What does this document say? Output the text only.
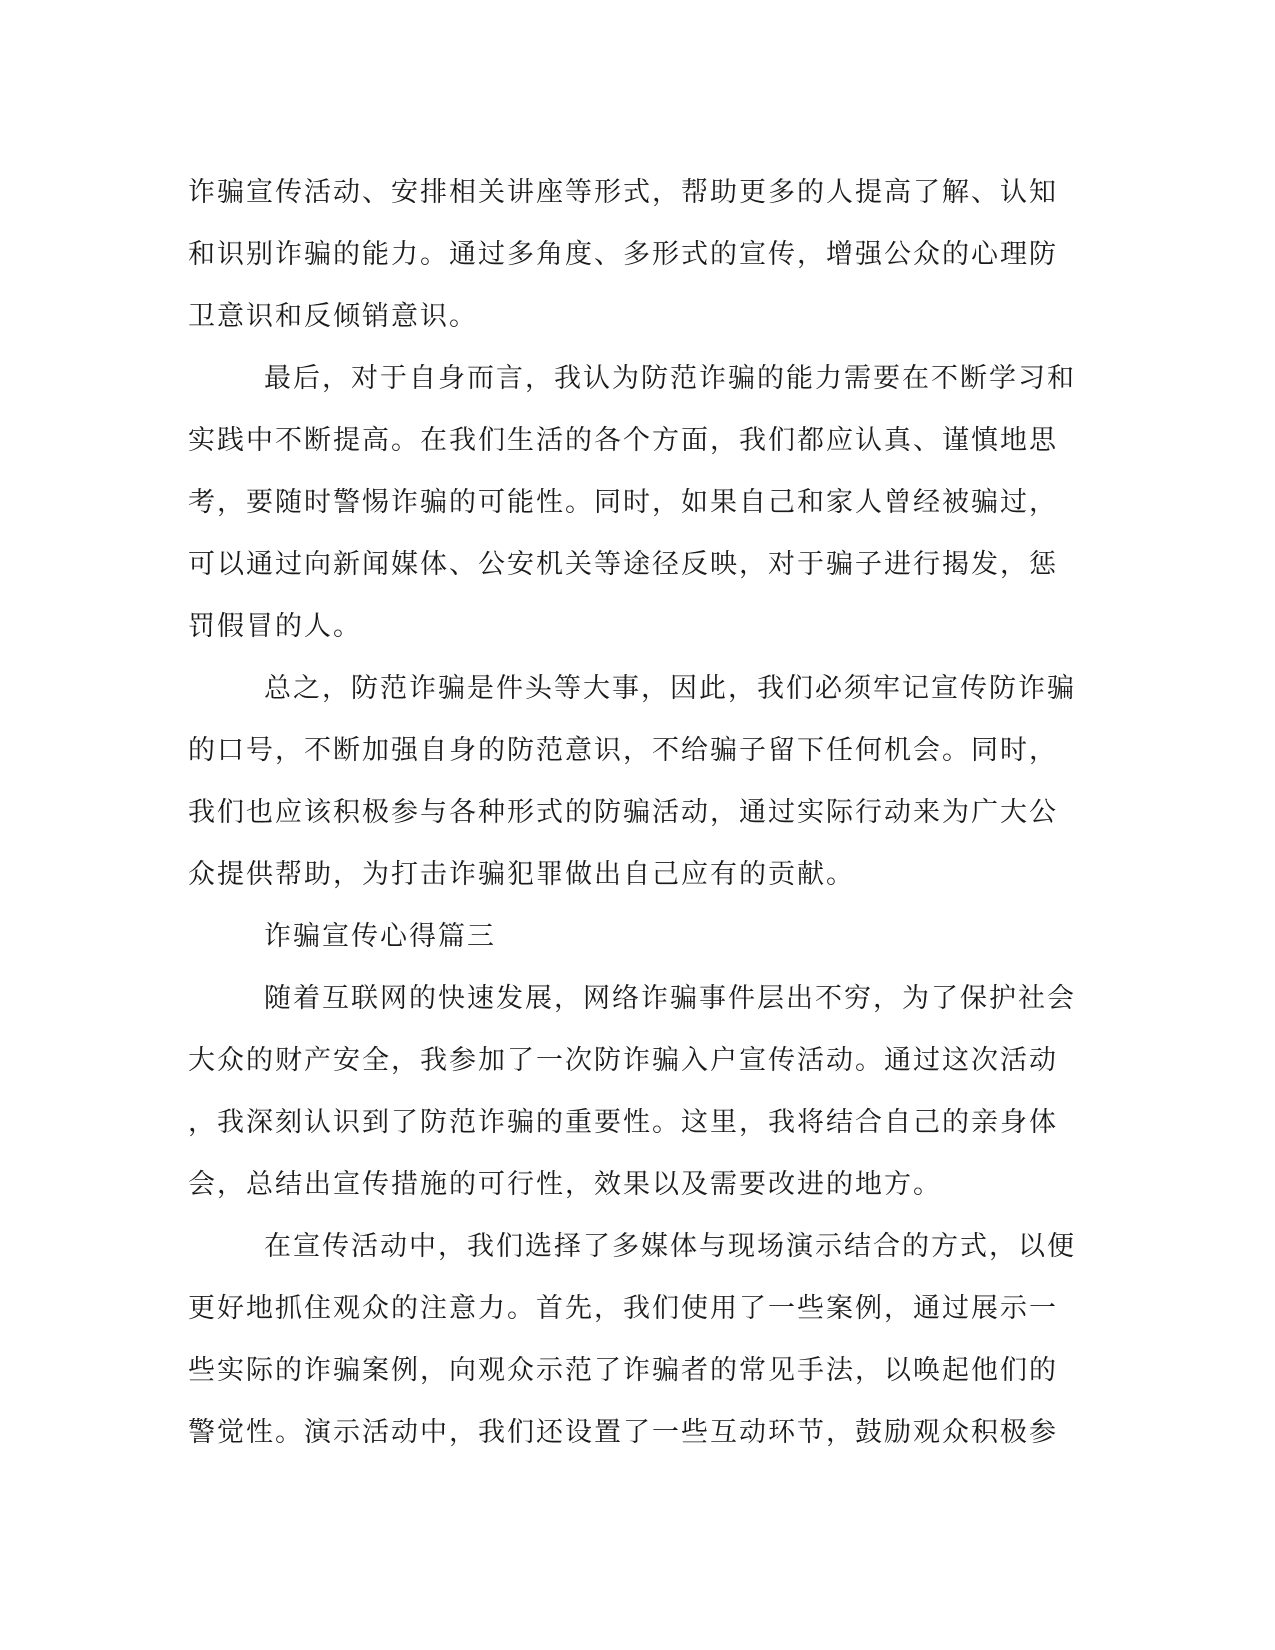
诈骗宣传活动、安排相关讲座等形式，帮助更多的人提高了解、认知
和识别诈骗的能力。通过多角度、多形式的宣传，增强公众的心理防
卫意识和反倾销意识。
最后，对于自身而言，我认为防范诈骗的能力需要在不断学习和
实践中不断提高。在我们生活的各个方面，我们都应认真、谨慎地思
考，要随时警惕诈骗的可能性。同时，如果自己和家人曾经被骗过，
可以通过向新闻媒体、公安机关等途径反映，对于骗子进行揭发，惩
罚假冒的人。
总之，防范诈骗是件头等大事，因此，我们必须牢记宣传防诈骗
的口号，不断加强自身的防范意识，不给骗子留下任何机会。同时，
我们也应该积极参与各种形式的防骗活动，通过实际行动来为广大公
众提供帮助，为打击诈骗犯罪做出自己应有的贡献。
诈骗宣传心得篇三
随着互联网的快速发展，网络诈骗事件层出不穷，为了保护社会
大众的财产安全，我参加了一次防诈骗入户宣传活动。通过这次活动
，我深刻认识到了防范诈骗的重要性。这里，我将结合自己的亲身体
会，总结出宣传措施的可行性，效果以及需要改进的地方。
在宣传活动中，我们选择了多媒体与现场演示结合的方式，以便
更好地抓住观众的注意力。首先，我们使用了一些案例，通过展示一
些实际的诈骗案例，向观众示范了诈骗者的常见手法，以唤起他们的
警觉性。演示活动中，我们还设置了一些互动环节，鼓励观众积极参
